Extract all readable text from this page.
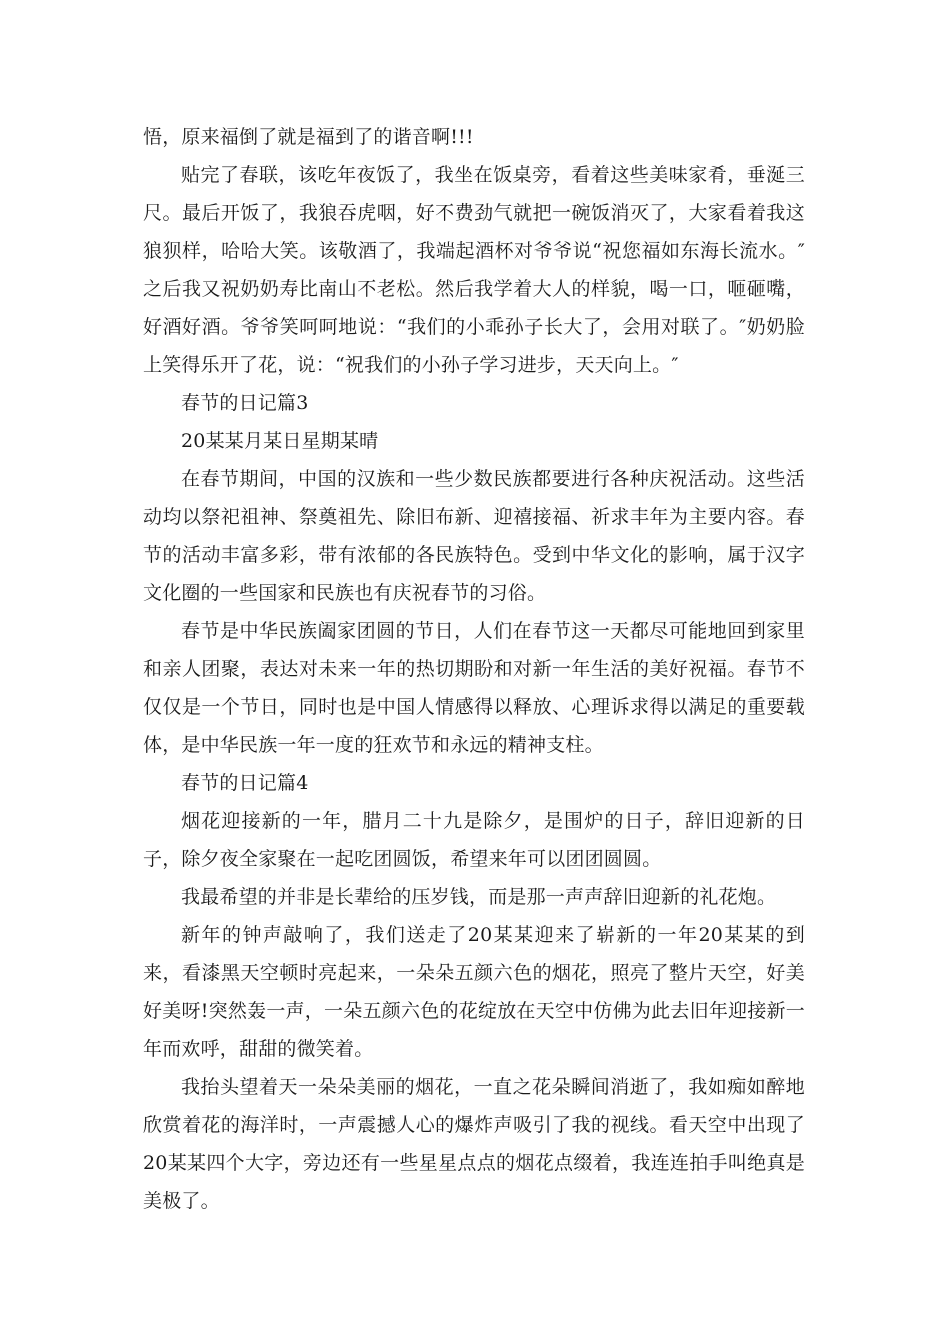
悟，原来福倒了就是福到了的谐音啊!!!

贴完了春联，该吃年夜饭了，我坐在饭桌旁，看着这些美味家肴，垂涎三尺。最后开饭了，我狼吞虎咽，好不费劲气就把一碗饭消灭了，大家看着我这狼狈样，哈哈大笑。该敬酒了，我端起酒杯对爷爷说“祝您福如东海长流水。″之后我又祝奶奶寿比南山不老松。然后我学着大人的样貌，喝一口，咂砸嘴，好酒好酒。爷爷笑呵呵地说：“我们的小乖孙子长大了，会用对联了。″奶奶脸上笑得乐开了花，说：“祝我们的小孙子学习进步，天天向上。″

春节的日记篇3

20某某月某日星期某晴

在春节期间，中国的汉族和一些少数民族都要进行各种庆祝活动。这些活动均以祭祀祖神、祭奠祖先、除旧布新、迎禧接福、祈求丰年为主要内容。春节的活动丰富多彩，带有浓郁的各民族特色。受到中华文化的影响，属于汉字文化圈的一些国家和民族也有庆祝春节的习俗。

春节是中华民族阖家团圆的节日，人们在春节这一天都尽可能地回到家里和亲人团聚，表达对未来一年的热切期盼和对新一年生活的美好祝福。春节不仅仅是一个节日，同时也是中国人情感得以释放、心理诉求得以满足的重要载体，是中华民族一年一度的狂欢节和永远的精神支柱。

春节的日记篇4

烟花迎接新的一年，腊月二十九是除夕，是围炉的日子，辞旧迎新的日子，除夕夜全家聚在一起吃团圆饭，希望来年可以团团圆圆。

我最希望的并非是长辈给的压岁钱，而是那一声声辞旧迎新的礼花炮。

新年的钟声敲响了，我们送走了20某某迎来了崭新的一年20某某的到来，看漆黑天空顿时亮起来，一朵朵五颜六色的烟花，照亮了整片天空，好美好美呀!突然轰一声，一朵五颜六色的花绽放在天空中仿佛为此去旧年迎接新一年而欢呼，甜甜的微笑着。

我抬头望着天一朵朵美丽的烟花，一直之花朵瞬间消逝了，我如痴如醉地欣赏着花的海洋时，一声震撼人心的爆炸声吸引了我的视线。看天空中出现了20某某四个大字，旁边还有一些星星点点的烟花点缀着，我连连拍手叫绝真是美极了。
